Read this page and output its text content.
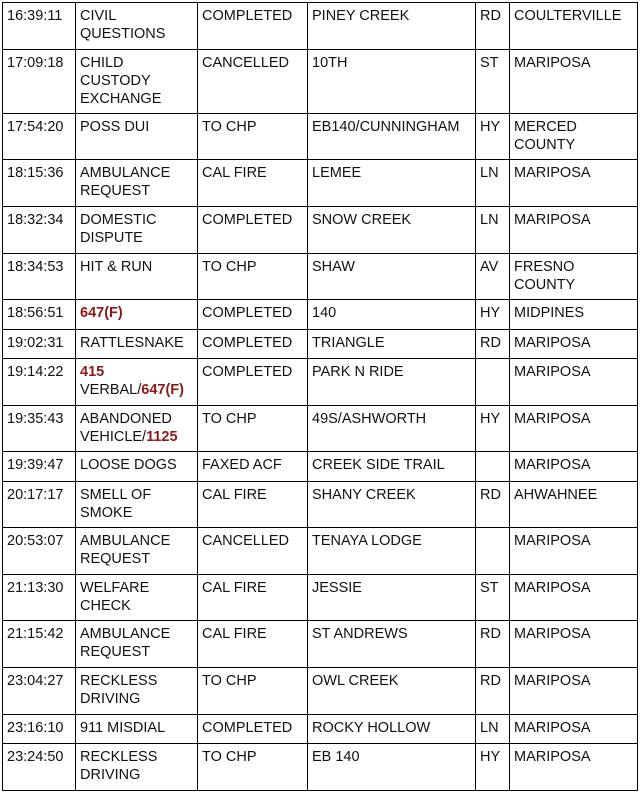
16:39:11	CIVIL QUESTIONS	COMPLETED	PINEY CREEK	RD	COULTERVILLE
17:09:18	CHILD CUSTODY EXCHANGE	CANCELLED	10TH	ST	MARIPOSA
17:54:20	POSS DUI	TO CHP	EB140/CUNNINGHAM	HY	MERCED COUNTY
18:15:36	AMBULANCE REQUEST	CAL FIRE	LEMEE	LN	MARIPOSA
18:32:34	DOMESTIC DISPUTE	COMPLETED	SNOW CREEK	LN	MARIPOSA
18:34:53	HIT & RUN	TO CHP	SHAW	AV	FRESNO COUNTY
18:56:51	647(F)	COMPLETED	140	HY	MIDPINES
19:02:31	RATTLESNAKE	COMPLETED	TRIANGLE	RD	MARIPOSA
19:14:22	415 VERBAL/647(F)	COMPLETED	PARK N RIDE		MARIPOSA
19:35:43	ABANDONED VEHICLE/1125	TO CHP	49S/ASHWORTH	HY	MARIPOSA
19:39:47	LOOSE DOGS	FAXED ACF	CREEK SIDE TRAIL		MARIPOSA
20:17:17	SMELL OF SMOKE	CAL FIRE	SHANY CREEK	RD	AHWAHNEE
20:53:07	AMBULANCE REQUEST	CANCELLED	TENAYA LODGE		MARIPOSA
21:13:30	WELFARE CHECK	CAL FIRE	JESSIE	ST	MARIPOSA
21:15:42	AMBULANCE REQUEST	CAL FIRE	ST ANDREWS	RD	MARIPOSA
23:04:27	RECKLESS DRIVING	TO CHP	OWL CREEK	RD	MARIPOSA
23:16:10	911 MISDIAL	COMPLETED	ROCKY HOLLOW	LN	MARIPOSA
23:24:50	RECKLESS DRIVING	TO CHP	EB 140	HY	MARIPOSA
